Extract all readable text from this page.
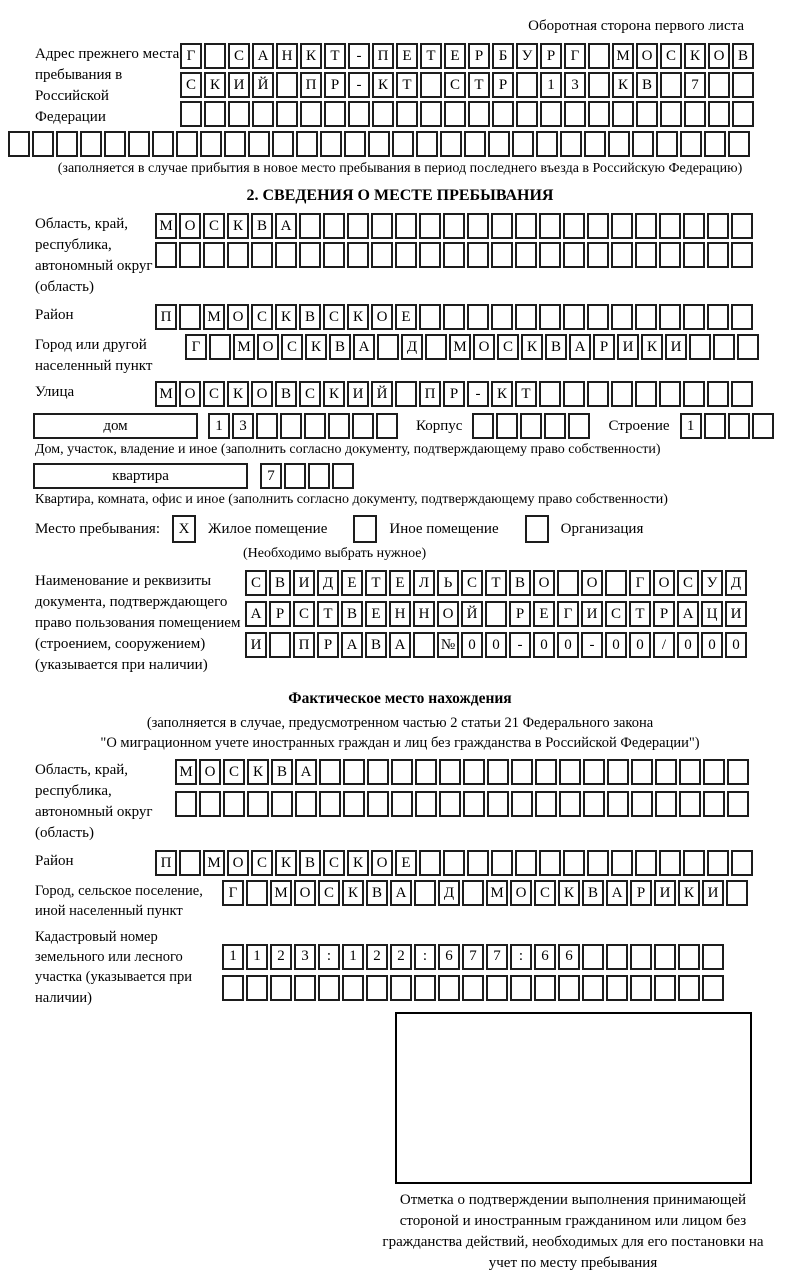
Оборотная сторона первого листа
Адрес прежнего места пребывания в Российской Федерации
Г	С А Н К Т	-	П Е Т Е	Р	Б У Р	Г	М О С К О В
С К И Й	П Р	-	К Т	С Т	Р	1	3	К В	7
(заполняется в случае прибытия в новое место пребывания в период последнего въезда в Российскую Федерацию)
2. СВЕДЕНИЯ О МЕСТЕ ПРЕБЫВАНИЯ
Область, край, республика, автономный округ (область)
М О С К В А
Район	П	М О С К В С К О Е
Город или другой населенный пункт
Г	М О С К В А	Д	М О С К В А Р И К И
Улица	М О С К О В С К И Й	П Р	-	К Т
дом	1	3	Корпус	Строение	1
Дом, участок, владение и иное (заполнить согласно документу, подтверждающему право собственности)
квартира	7
Квартира, комната, офис и иное (заполнить согласно документу, подтверждающему право собственности)
Место пребывания:	X	Жилое помещение	Иное помещение	Организация
(Необходимо выбрать нужное)
Наименование и реквизиты документа, подтверждающего право пользования помещением (строением, сооружением) (указывается при наличии)
С В И Д Е Т Е Л Ь С Т В О	О	Г О С У Д
А Р С Т В Е Н Н О Й	Р	Е	Г И С Т	Р А Ц И
И	П Р А В А	№ 0	0	-	0	0	-	0	0	/	0	0	0
Фактическое место нахождения
(заполняется в случае, предусмотренном частью 2 статьи 21 Федерального закона
"О миграционном учете иностранных граждан и лиц без гражданства в Российской Федерации")
Область, край, республика, автономный округ (область)
М О С К В А
Район	П	М О С К В С К О Е
Город, сельское поселение, иной населенный пункт
Г	М О С К В А	Д	М О С К В А Р И К И
Кадастровый номер земельного или лесного участка (указывается при наличии)
1	1	2	3	:	1	2	2	:	6	7	7	:	6	6
Отметка о подтверждении выполнения принимающей стороной и иностранным гражданином или лицом без гражданства действий, необходимых для его постановки на учет по месту пребывания
